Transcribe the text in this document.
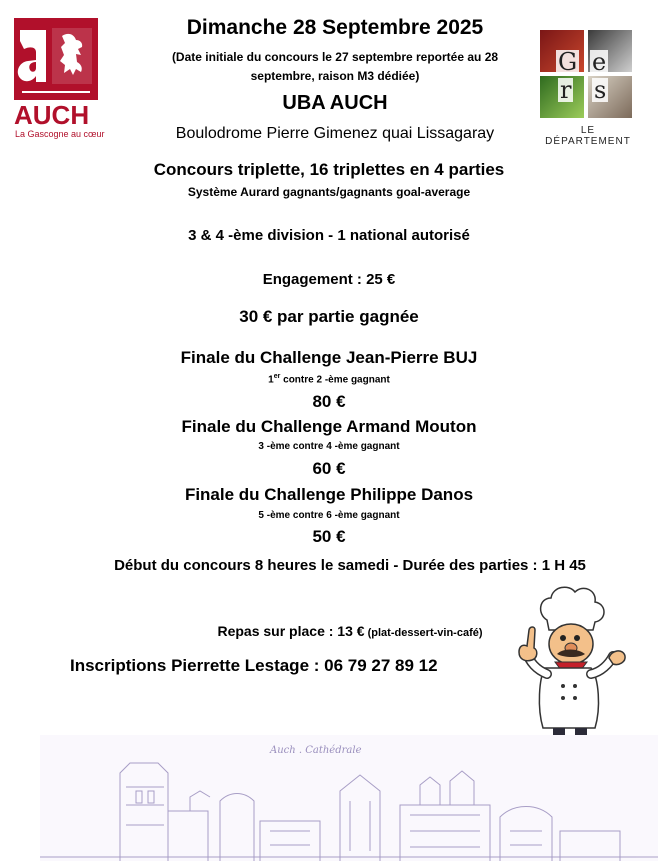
AUCH
La Gascogne au cœur
G e
r s
LE DÉPARTEMENT
Dimanche 28 Septembre 2025
(Date initiale du concours le 27 septembre reportée au 28
septembre, raison M3 dédiée)
UBA AUCH
Boulodrome Pierre Gimenez quai Lissagaray
Concours triplette, 16 triplettes en 4 parties
Système Aurard gagnants/gagnants goal-average
3 & 4 -ème division - 1 national autorisé
Engagement : 25 €
30 € par partie gagnée
Finale du Challenge Jean-Pierre BUJ
1er contre 2 -ème gagnant
80 €
Finale du Challenge Armand Mouton
3 -ème contre 4 -ème gagnant
60 €
Finale du Challenge Philippe Danos
5 -ème contre 6 -ème gagnant
50 €
Début du concours 8 heures le samedi - Durée des parties : 1 H 45
Repas sur place : 13 € (plat-dessert-vin-café)
Inscriptions Pierrette Lestage : 06 79 27 89 12
Auch . Cathédrale
